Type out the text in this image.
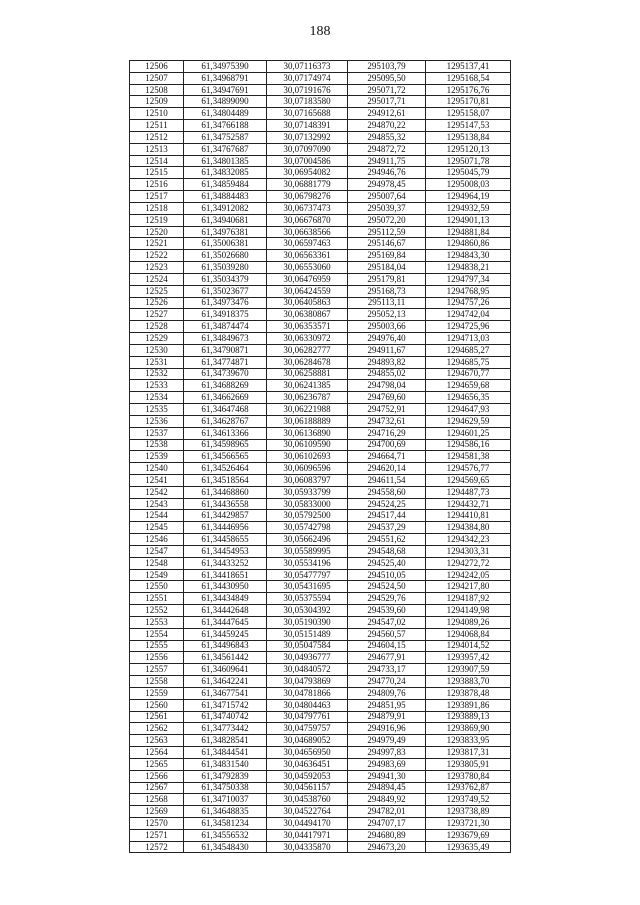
188
12506	61,34975390	30,07116373	295103,79	1295137,41
12507	61,34968791	30,07174974	295095,50	1295168,54
12508	61,34947691	30,07191676	295071,72	1295176,76
12509	61,34899090	30,07183580	295017,71	1295170,81
12510	61,34804489	30,07165688	294912,61	1295158,07
12511	61,34766188	30,07148391	294870,22	1295147,53
12512	61,34752587	30,07132992	294855,32	1295138,84
12513	61,34767687	30,07097090	294872,72	1295120,13
12514	61,34801385	30,07004586	294911,75	1295071,78
12515	61,34832085	30,06954082	294946,76	1295045,79
12516	61,34859484	30,06881779	294978,45	1295008,03
12517	61,34884483	30,06798276	295007,64	1294964,19
12518	61,34912082	30,06737473	295039,37	1294932,59
12519	61,34940681	30,06676870	295072,20	1294901,13
12520	61,34976381	30,06638566	295112,59	1294881,84
12521	61,35006381	30,06597463	295146,67	1294860,86
12522	61,35026680	30,06563361	295169,84	1294843,30
12523	61,35039280	30,06553060	295184,04	1294838,21
12524	61,35034379	30,06476959	295179,81	1294797,34
12525	61,35023677	30,06424559	295168,73	1294768,95
12526	61,34973476	30,06405863	295113,11	1294757,26
12527	61,34918375	30,06380867	295052,13	1294742,04
12528	61,34874474	30,06353571	295003,66	1294725,96
12529	61,34849673	30,06330972	294976,40	1294713,03
12530	61,34790871	30,06282777	294911,67	1294685,27
12531	61,34774871	30,06284678	294893,82	1294685,75
12532	61,34739670	30,06258881	294855,02	1294670,77
12533	61,34688269	30,06241385	294798,04	1294659,68
12534	61,34662669	30,06236787	294769,60	1294656,35
12535	61,34647468	30,06221988	294752,91	1294647,93
12536	61,34628767	30,06188889	294732,61	1294629,59
12537	61,34613366	30,06136890	294716,29	1294601,25
12538	61,34598965	30,06109590	294700,69	1294586,16
12539	61,34566565	30,06102693	294664,71	1294581,38
12540	61,34526464	30,06096596	294620,14	1294576,77
12541	61,34518564	30,06083797	294611,54	1294569,65
12542	61,34468860	30,05933799	294558,60	1294487,73
12543	61,34436558	30,05833000	294524,25	1294432,71
12544	61,34429857	30,05792500	294517,44	1294410,81
12545	61,34446956	30,05742798	294537,29	1294384,80
12546	61,34458655	30,05662496	294551,62	1294342,23
12547	61,34454953	30,05589995	294548,68	1294303,31
12548	61,34433252	30,05534196	294525,40	1294272,72
12549	61,34418651	30,05477797	294510,05	1294242,05
12550	61,34430950	30,05431695	294524,50	1294217,80
12551	61,34434849	30,05375594	294529,76	1294187,92
12552	61,34442648	30,05304392	294539,60	1294149,98
12553	61,34447645	30,05190390	294547,02	1294089,26
12554	61,34459245	30,05151489	294560,57	1294068,84
12555	61,34496843	30,05047584	294604,15	1294014,52
12556	61,34561442	30,04936777	294677,91	1293957,42
12557	61,34609641	30,04840572	294733,17	1293907,59
12558	61,34642241	30,04793869	294770,24	1293883,70
12559	61,34677541	30,04781866	294809,76	1293878,48
12560	61,34715742	30,04804463	294851,95	1293891,86
12561	61,34740742	30,04797761	294879,91	1293889,13
12562	61,34773442	30,04759757	294916,96	1293869,90
12563	61,34828541	30,04689052	294979,49	1293833,95
12564	61,34844541	30,04656950	294997,83	1293817,31
12565	61,34831540	30,04636451	294983,69	1293805,91
12566	61,34792839	30,04592053	294941,30	1293780,84
12567	61,34750338	30,04561157	294894,45	1293762,87
12568	61,34710037	30,04538760	294849,92	1293749,52
12569	61,34648835	30,04522764	294782,01	1293738,89
12570	61,34581234	30,04494170	294707,17	1293721,30
12571	61,34556532	30,04417971	294680,89	1293679,69
12572	61,34548430	30,04335870	294673,20	1293635,49
